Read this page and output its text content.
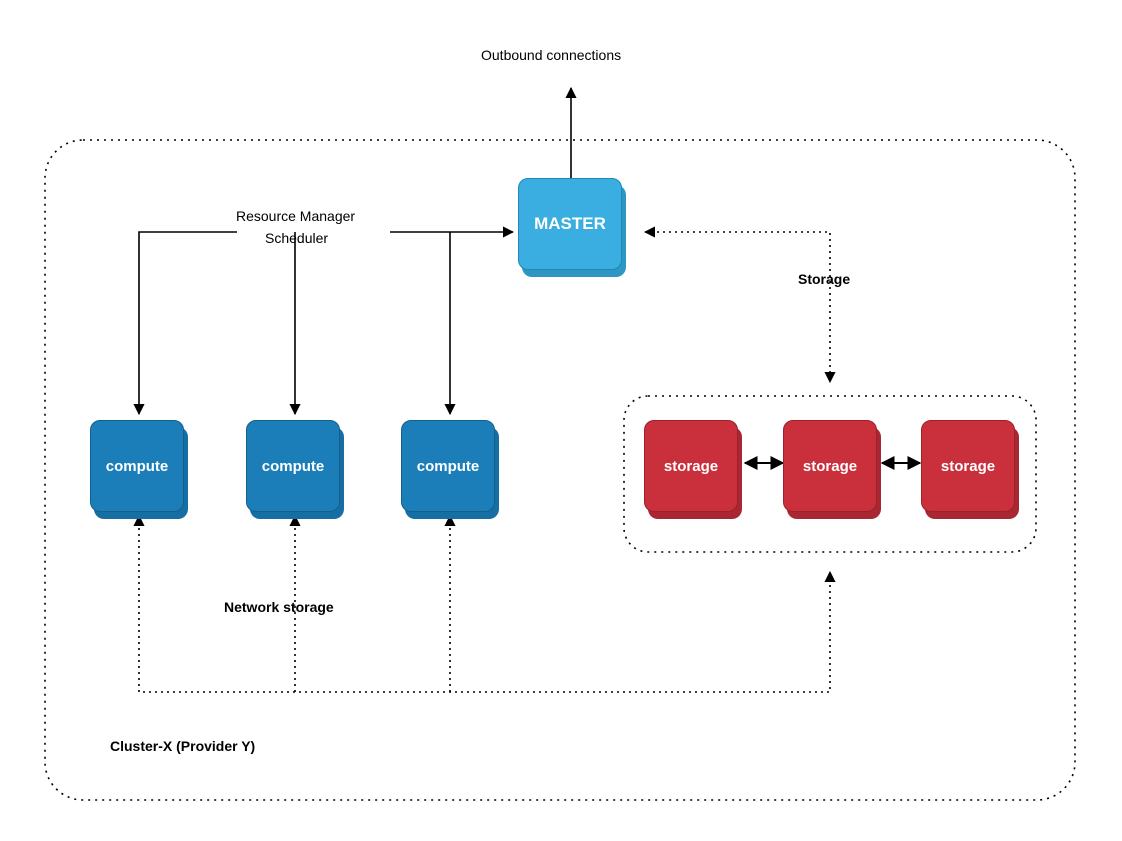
MASTER
compute	compute	compute	storage	storage	storage
Outbound connections
Resource Manager
Scheduler
Storage
Network storage
Cluster-X (Provider Y)
